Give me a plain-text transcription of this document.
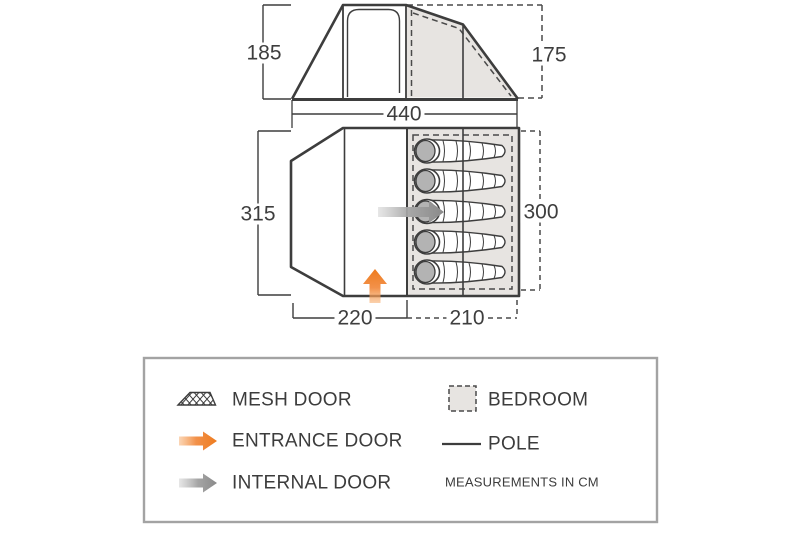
185	175
440
315	300
220	210
MESH DOOR
ENTRANCE DOOR
INTERNAL DOOR
BEDROOM
POLE
MEASUREMENTS IN CM
